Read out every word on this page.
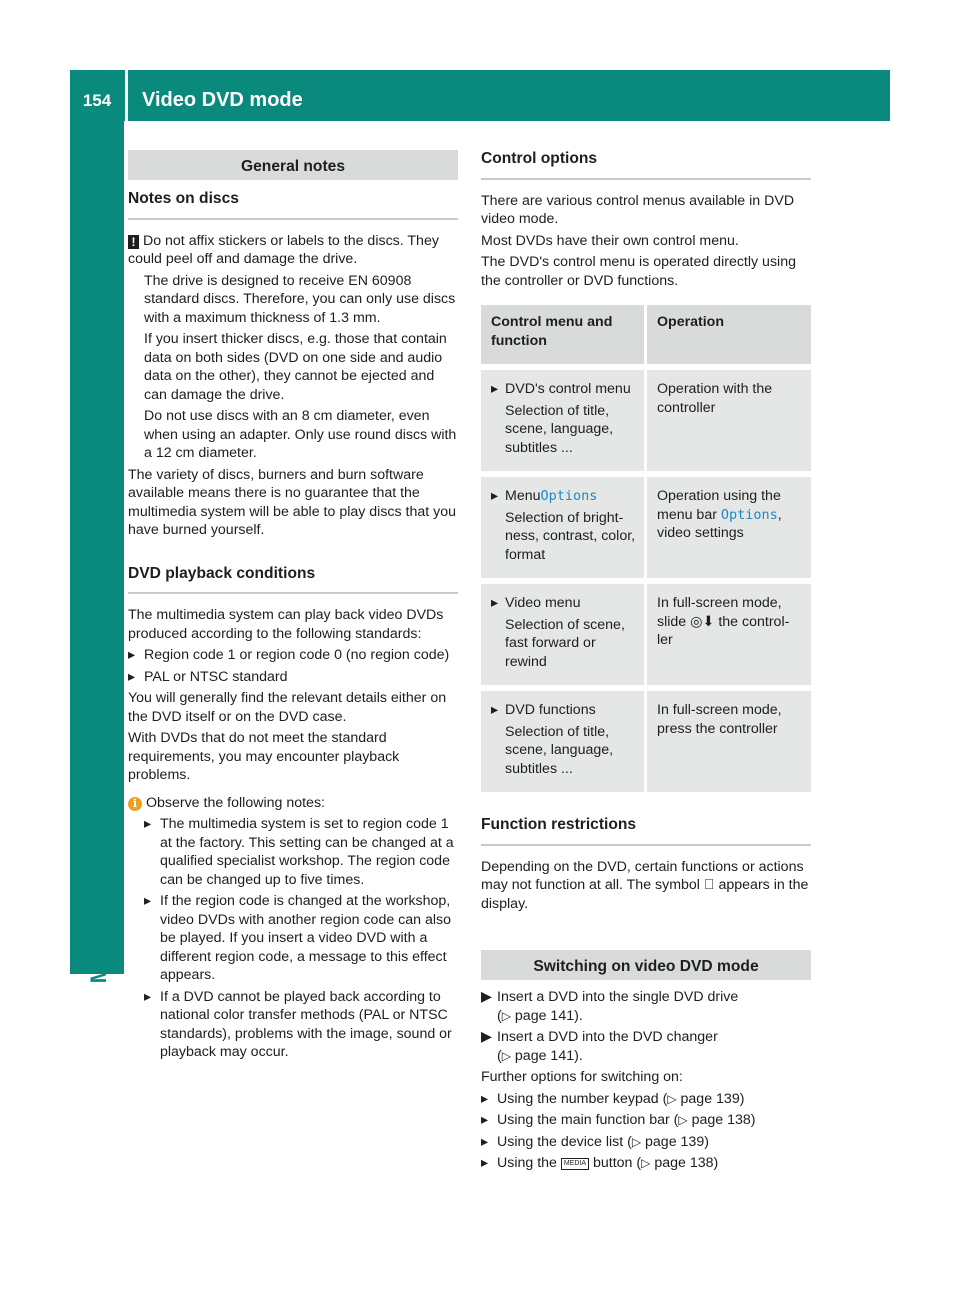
154	Video DVD mode
Media
General notes
Notes on discs

! Do not affix stickers or labels to the discs. They could peel off and damage the drive.

The drive is designed to receive EN 60908 standard discs. Therefore, you can only use discs with a maximum thickness of 1.3 mm.

If you insert thicker discs, e.g. those that contain data on both sides (DVD on one side and audio data on the other), they cannot be ejected and can damage the drive.

Do not use discs with an 8 cm diameter, even when using an adapter. Only use round discs with a 12 cm diameter.

The variety of discs, burners and burn software available means there is no guarantee that the multimedia system will be able to play discs that you have burned yourself.

DVD playback conditions

The multimedia system can play back video DVDs produced according to the following standards:

▸ Region code 1 or region code 0 (no region code)
▸ PAL or NTSC standard

You will generally find the relevant details either on the DVD itself or on the DVD case.

With DVDs that do not meet the standard requirements, you may encounter playback problems.

i Observe the following notes:

▸ The multimedia system is set to region code 1 at the factory. This setting can be changed at a qualified specialist workshop. The region code can be changed up to five times.
▸ If the region code is changed at the workshop, video DVDs with another region code can also be played. If you insert a video DVD with a different region code, a message to this effect appears.
▸ If a DVD cannot be played back according to national color transfer methods (PAL or NTSC standards), problems with the image, sound or playback may occur.
Control options

There are various control menus available in DVD video mode.

Most DVDs have their own control menu.

The DVD's control menu is operated directly using the controller or DVD functions.

Control menu and function	Operation

▸ DVD's control menu
Selection of title, scene, language, subtitles ...	Operation with the controller

▸ MenuOptions
Selection of bright-ness, contrast, color, format	Operation using the menu bar Options, video settings

▸ Video menu
Selection of scene, fast forward or rewind	In full-screen mode, slide ◎⬇ the control-ler

▸ DVD functions
Selection of title, scene, language, subtitles ...	In full-screen mode, press the controller
Function restrictions

Depending on the DVD, certain functions or actions may not function at all. The symbol ⃠ appears in the display.

Switching on video DVD mode
▶ Insert a DVD into the single DVD drive
(▷ page 141).
▶ Insert a DVD into the DVD changer
(▷ page 141).

Further options for switching on:

▸ Using the number keypad (▷ page 139)
▸ Using the main function bar (▷ page 138)
▸ Using the device list (▷ page 139)
▸ Using the MEDIA button (▷ page 138)
